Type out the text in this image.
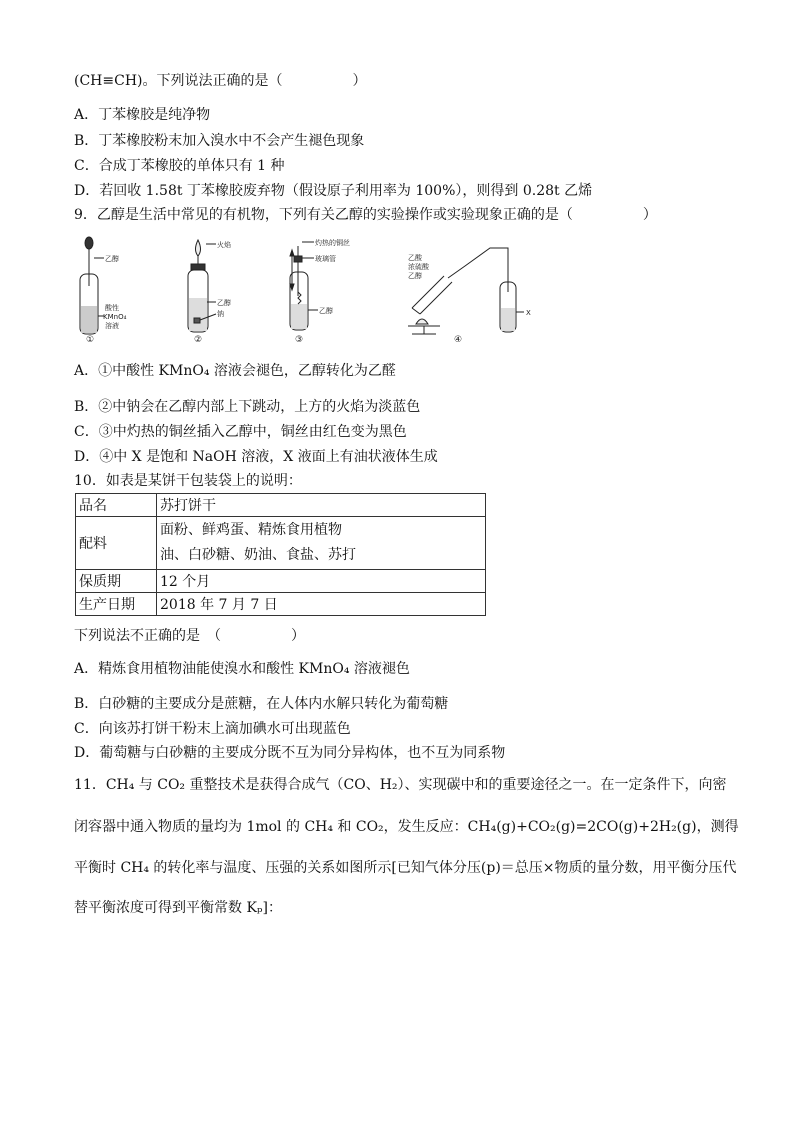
(CH≡CH)。下列说法正确的是（　　　　　）
A．丁苯橡胶是纯净物
B．丁苯橡胶粉末加入溴水中不会产生褪色现象
C．合成丁苯橡胶的单体只有 1 种
D．若回收 1.58t 丁苯橡胶废弃物（假设原子利用率为 100%），则得到 0.28t 乙烯
9．乙醇是生活中常见的有机物，下列有关乙醇的实验操作或实验现象正确的是（　　　　　）
乙醇
酸性
KMnO₄
溶液
①
火焰
乙醇
钠
②
灼热的铜丝
玻璃管
乙醇
③
乙酸
浓硫酸
乙醇
X
④
A．①中酸性 KMnO₄ 溶液会褪色，乙醇转化为乙醛
B．②中钠会在乙醇内部上下跳动，上方的火焰为淡蓝色
C．③中灼热的铜丝插入乙醇中，铜丝由红色变为黑色
D．④中 X 是饱和 NaOH 溶液，X 液面上有油状液体生成
10．如表是某饼干包装袋上的说明：
品名	苏打饼干
配料	面粉、鲜鸡蛋、精炼食用植物
油、白砂糖、奶油、食盐、苏打

保质期	12 个月
生产日期	2018 年 7 月 7 日
下列说法不正确的是　（　　　　　）
A．精炼食用植物油能使溴水和酸性 KMnO₄ 溶液褪色
B．白砂糖的主要成分是蔗糖，在人体内水解只转化为葡萄糖
C．向该苏打饼干粉末上滴加碘水可出现蓝色
D．葡萄糖与白砂糖的主要成分既不互为同分异构体，也不互为同系物
11．CH₄ 与 CO₂ 重整技术是获得合成气（CO、H₂）、实现碳中和的重要途径之一。在一定条件下，向密
闭容器中通入物质的量均为 1mol 的 CH₄ 和 CO₂，发生反应：CH₄(g)+CO₂(g)=2CO(g)+2H₂(g)，测得
平衡时 CH₄ 的转化率与温度、压强的关系如图所示[已知气体分压(p)＝总压×物质的量分数，用平衡分压代
替平衡浓度可得到平衡常数 Kₚ]：
